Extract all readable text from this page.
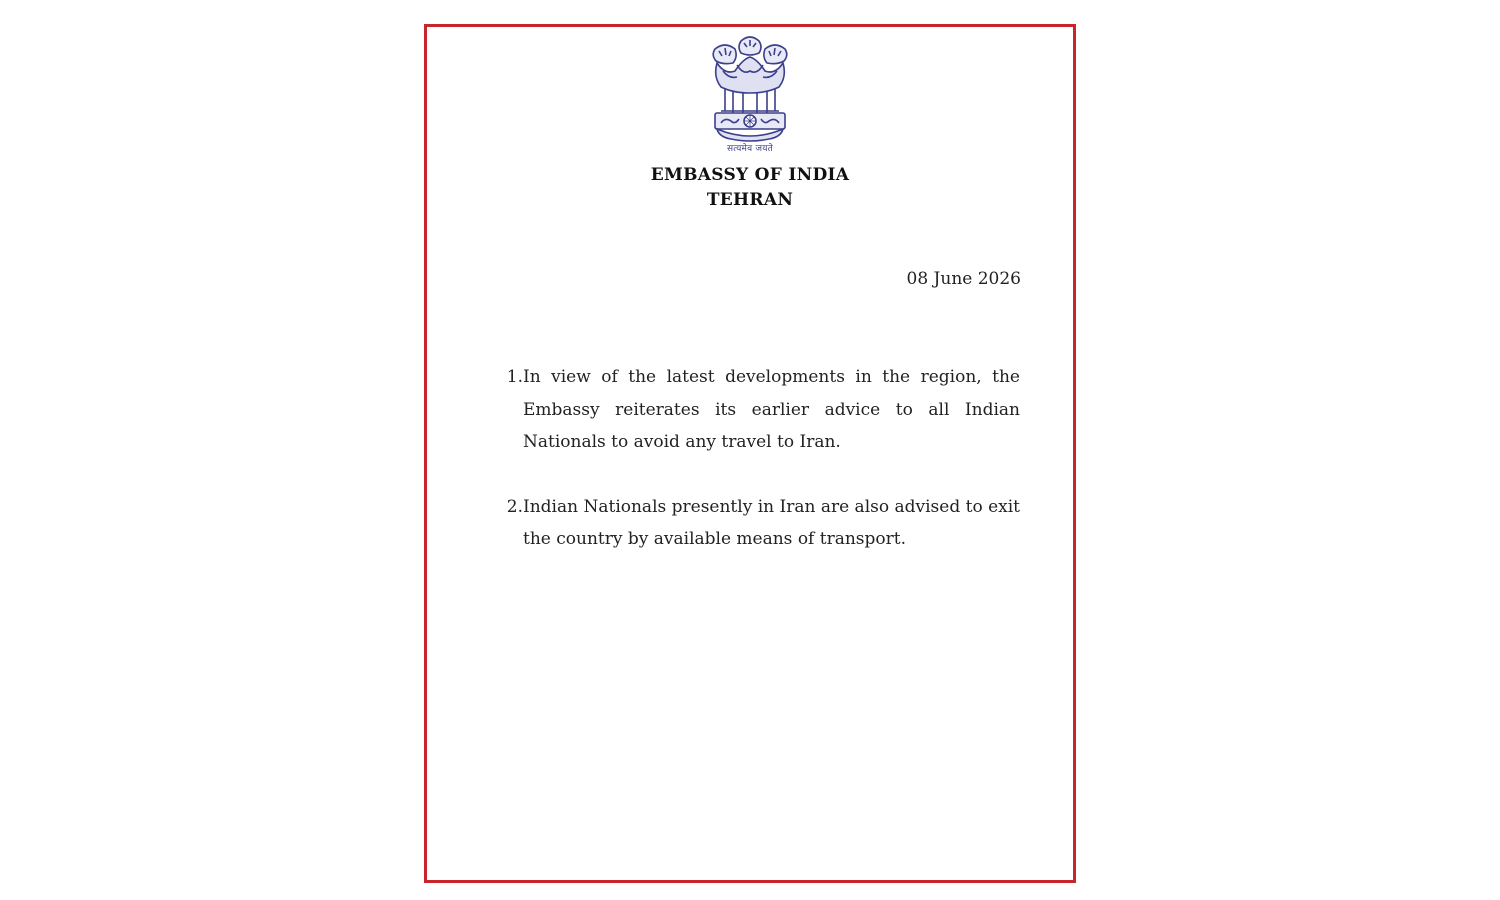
सत्यमेव जयते
EMBASSY OF INDIA
TEHRAN
08 June 2026
1. In view of the latest developments in the region, the Embassy reiterates its earlier advice to all Indian Nationals to avoid any travel to Iran.
2. Indian Nationals presently in Iran are also advised to exit the country by available means of transport.
